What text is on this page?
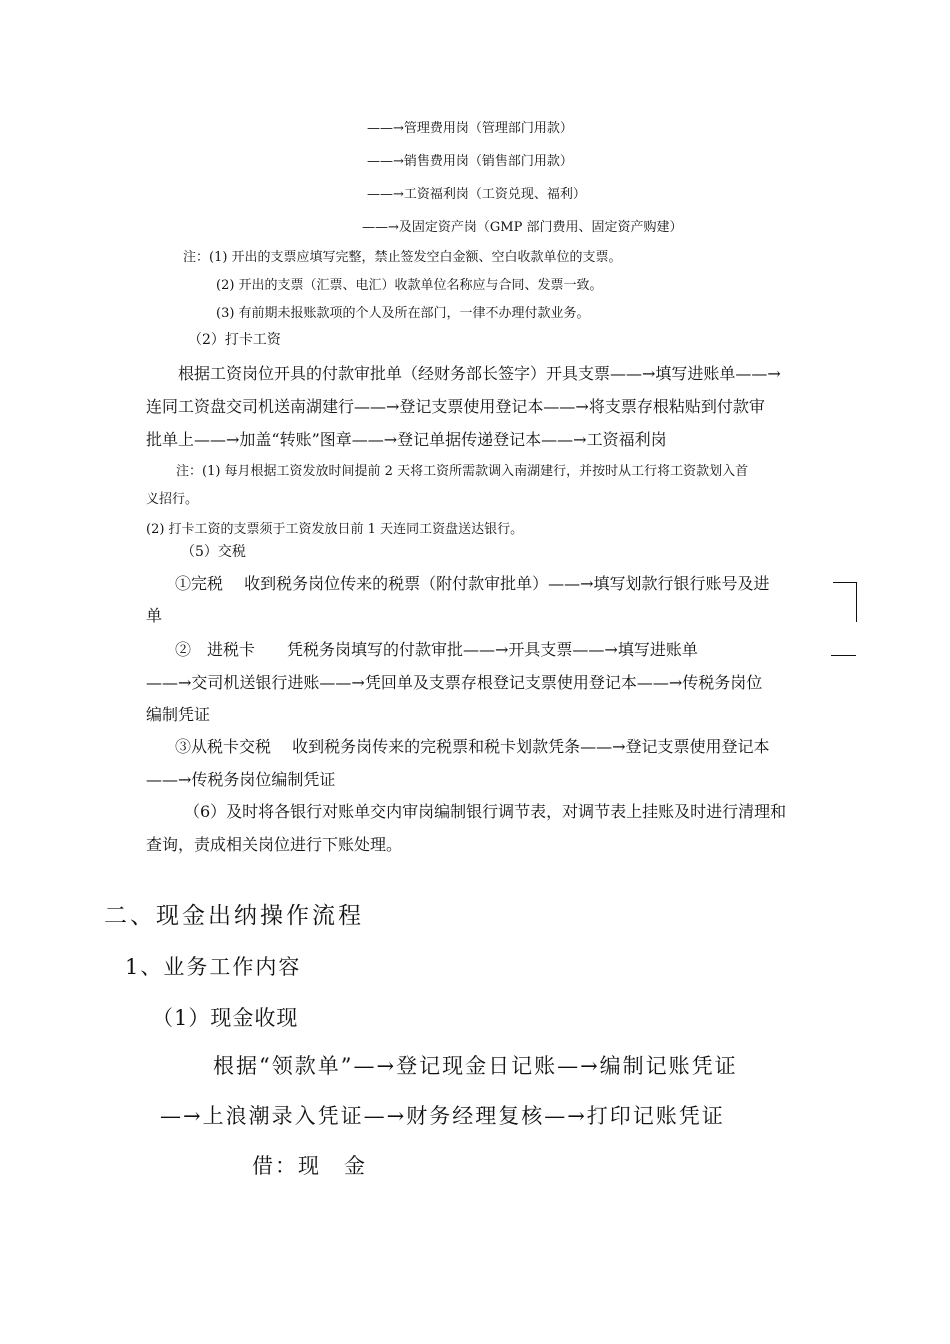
——→管理费用岗（管理部门用款）
——→销售费用岗（销售部门用款）
——→工资福利岗（工资兑现、福利）
——→及固定资产岗（GMP 部门费用、固定资产购建）
注：(1) 开出的支票应填写完整，禁止签发空白金额、空白收款单位的支票。
(2) 开出的支票（汇票、电汇）收款单位名称应与合同、发票一致。
(3) 有前期未报账款项的个人及所在部门，一律不办理付款业务。
（2）打卡工资
根据工资岗位开具的付款审批单（经财务部长签字）开具支票——→填写进账单——→
连同工资盘交司机送南湖建行——→登记支票使用登记本——→将支票存根粘贴到付款审
批单上——→加盖“转账”图章——→登记单据传递登记本——→工资福利岗
注：(1) 每月根据工资发放时间提前 2 天将工资所需款调入南湖建行，并按时从工行将工资款划入首
义招行。
(2) 打卡工资的支票须于工资发放日前 1 天连同工资盘送达银行。
（5）交税
①完税　 收到税务岗位传来的税票（附付款审批单）——→填写划款行银行账号及进
单
②　进税卡　　凭税务岗填写的付款审批——→开具支票——→填写进账单
——→交司机送银行进账——→凭回单及支票存根登记支票使用登记本——→传税务岗位
编制凭证
③从税卡交税　 收到税务岗传来的完税票和税卡划款凭条——→登记支票使用登记本
——→传税务岗位编制凭证
（6）及时将各银行对账单交内审岗编制银行调节表，对调节表上挂账及时进行清理和
查询，责成相关岗位进行下账处理。
二、现金出纳操作流程
1、业务工作内容
（1）现金收现
根据“领款单”—→登记现金日记账—→编制记账凭证
—→上浪潮录入凭证—→财务经理复核—→打印记账凭证
借：现　金
